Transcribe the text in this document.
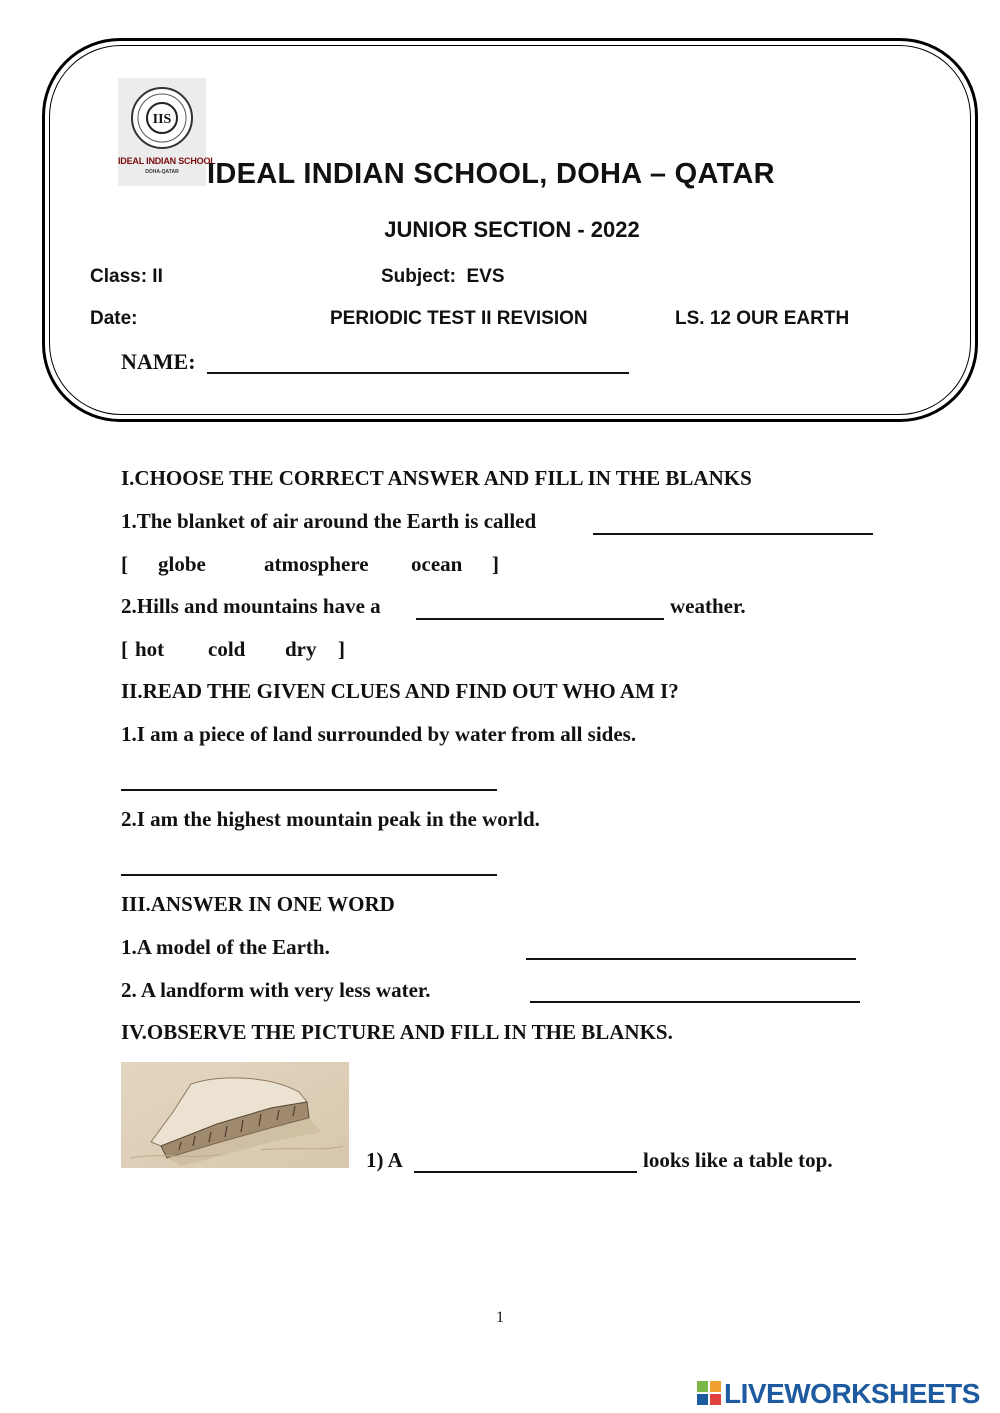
IIS
IDEAL INDIAN SCHOOL
DOHA-QATAR IDEAL INDIAN SCHOOL, DOHA – QATAR
JUNIOR SECTION - 2022
Class: II	Subject:  EVS
Date:	PERIODIC TEST II REVISION	LS. 12 OUR EARTH
NAME:
I.CHOOSE THE CORRECT ANSWER AND FILL IN THE BLANKS
1.The blanket of air around the Earth is called
[ globe	atmosphere ocean ]
2.Hills and mountains have a	weather.
[ hot cold dry ]
II.READ THE GIVEN CLUES AND FIND OUT WHO AM I?
1.I am a piece of land surrounded by water from all sides.
2.I am the highest mountain peak in the world.
III.ANSWER IN ONE WORD
1.A model of the Earth.
2. A landform with very less water.
IV.OBSERVE THE PICTURE AND FILL IN THE BLANKS.
1) A	looks like a table top.
1
LIVEWORKSHEETS
